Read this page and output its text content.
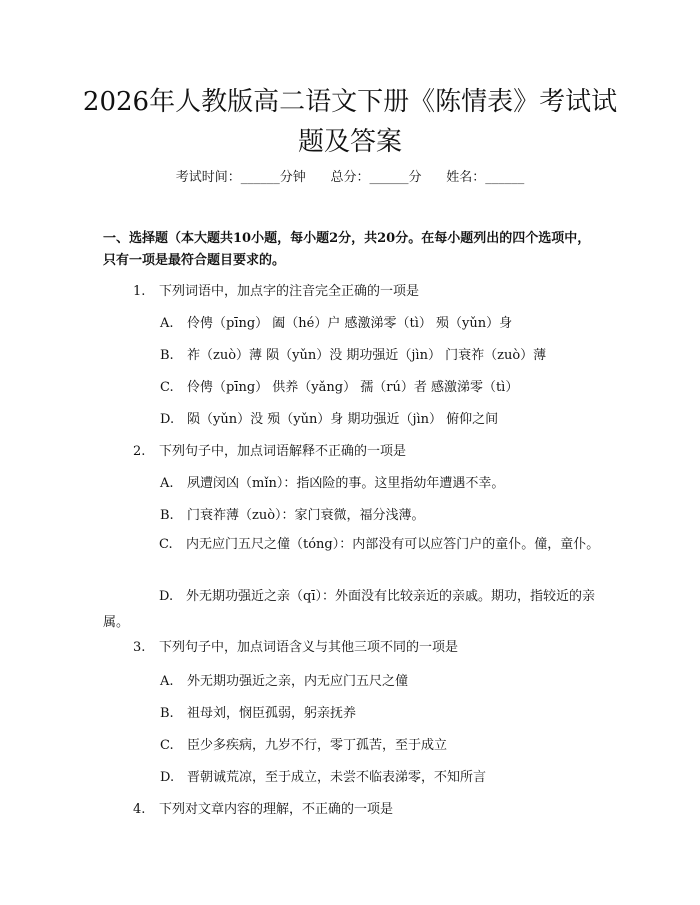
2026年人教版高二语文下册《陈情表》考试试题及答案
考试时间：______分钟      总分：______分      姓名：______

一、选择题（本大题共10小题，每小题2分，共20分。在每小题列出的四个选项中，只有一项是最符合题目要求的。

1. 下列词语中，加点字的注音完全正确的一项是
A. 伶俜（pīng） 阖（hé）户 感激涕零（tì） 殒（yǔn）身
B. 祚（zuò）薄 陨（yǔn）没 期功强近（jìn） 门衰祚（zuò）薄
C. 伶俜（pīng） 供养（yǎng） 孺（rú）者 感激涕零（tì）
D. 陨（yǔn）没 殒（yǔn）身 期功强近（jìn） 俯仰之间
2. 下列句子中，加点词语解释不正确的一项是
A. 夙遭闵凶（mǐn）：指凶险的事。这里指幼年遭遇不幸。
B. 门衰祚薄（zuò）：家门衰微，福分浅薄。

C. 内无应门五尺之僮（tóng）：内部没有可以应答门户的童仆。僮，童仆。

D. 外无期功强近之亲（qī）：外面没有比较亲近的亲戚。期功，指较近的亲属。

3. 下列句子中，加点词语含义与其他三项不同的一项是
A. 外无期功强近之亲，内无应门五尺之僮
B. 祖母刘，悯臣孤弱，躬亲抚养
C. 臣少多疾病，九岁不行，零丁孤苦，至于成立
D. 晋朝诚荒凉，至于成立，未尝不临表涕零，不知所言
4. 下列对文章内容的理解，不正确的一项是
